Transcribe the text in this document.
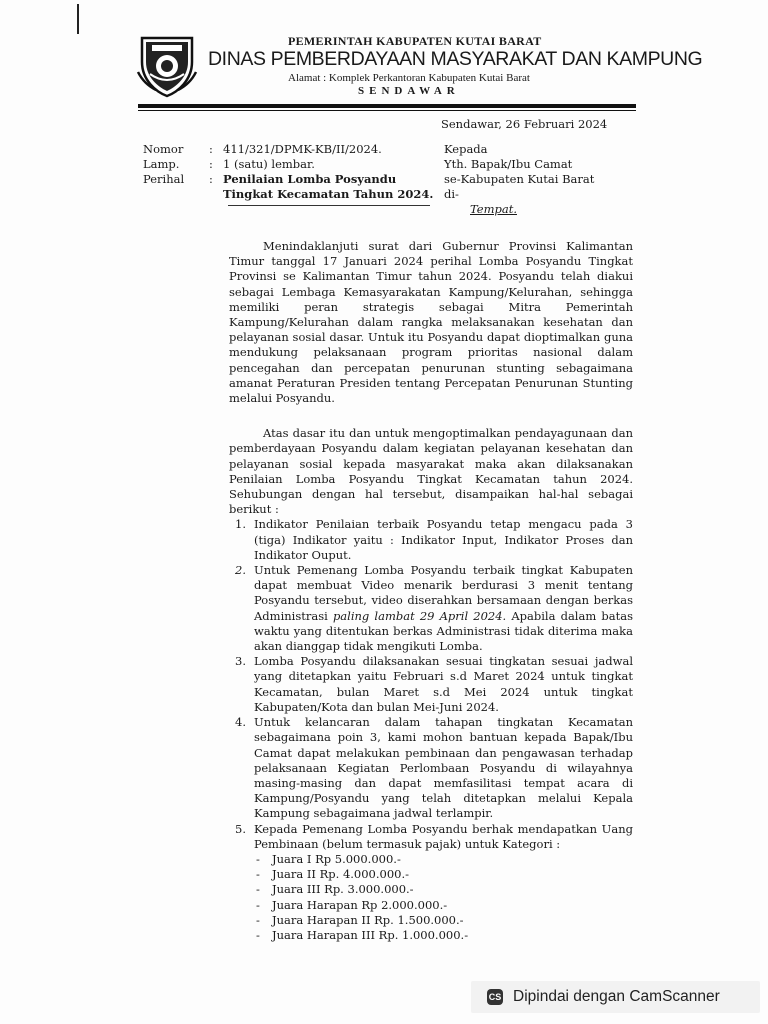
PEMERINTAH KABUPATEN KUTAI BARAT
DINAS PEMBERDAYAAN MASYARAKAT DAN KAMPUNG
Alamat : Komplek Perkantoran Kabupaten Kutai Barat
SENDAWAR
Sendawar, 26 Februari 2024
Nomor	: 411/321/DPMK-KB/II/2024.
Lamp.	: 1 (satu) lembar.
Perihal	: Penilaian Lomba Posyandu Tingkat Kecamatan Tahun 2024.
Kepada
Yth. Bapak/Ibu Camat
se-Kabupaten Kutai Barat
di-
Tempat.

Menindaklanjuti surat dari Gubernur Provinsi Kalimantan Timur tanggal 17 Januari 2024 perihal Lomba Posyandu Tingkat Provinsi se Kalimantan Timur tahun 2024. Posyandu telah diakui sebagai Lembaga Kemasyarakatan Kampung/Kelurahan, sehingga memiliki peran strategis sebagai Mitra Pemerintah Kampung/Kelurahan dalam rangka melaksanakan kesehatan dan pelayanan sosial dasar. Untuk itu Posyandu dapat dioptimalkan guna mendukung pelaksanaan program prioritas nasional dalam pencegahan dan percepatan penurunan stunting sebagaimana amanat Peraturan Presiden tentang Percepatan Penurunan Stunting melalui Posyandu.

Atas dasar itu dan untuk mengoptimalkan pendayagunaan dan pemberdayaan Posyandu dalam kegiatan pelayanan kesehatan dan pelayanan sosial kepada masyarakat maka akan dilaksanakan Penilaian Lomba Posyandu Tingkat Kecamatan tahun 2024. Sehubungan dengan hal tersebut, disampaikan hal-hal sebagai berikut :

1. Indikator Penilaian terbaik Posyandu tetap mengacu pada 3 (tiga) Indikator yaitu : Indikator Input, Indikator Proses dan Indikator Ouput.
2. Untuk Pemenang Lomba Posyandu terbaik tingkat Kabupaten dapat membuat Video menarik berdurasi 3 menit tentang Posyandu tersebut, video diserahkan bersamaan dengan berkas Administrasi paling lambat 29 April 2024. Apabila dalam batas waktu yang ditentukan berkas Administrasi tidak diterima maka akan dianggap tidak mengikuti Lomba.
3. Lomba Posyandu dilaksanakan sesuai tingkatan sesuai jadwal yang ditetapkan yaitu Februari s.d Maret 2024 untuk tingkat Kecamatan, bulan Maret s.d Mei 2024 untuk tingkat Kabupaten/Kota dan bulan Mei-Juni 2024.
4. Untuk kelancaran dalam tahapan tingkatan Kecamatan sebagaimana poin 3, kami mohon bantuan kepada Bapak/Ibu Camat dapat melakukan pembinaan dan pengawasan terhadap pelaksanaan Kegiatan Perlombaan Posyandu di wilayahnya masing-masing dan dapat memfasilitasi tempat acara di Kampung/Posyandu yang telah ditetapkan melalui Kepala Kampung sebagaimana jadwal terlampir.
5. Kepada Pemenang Lomba Posyandu berhak mendapatkan Uang Pembinaan (belum termasuk pajak) untuk Kategori :
- Juara I Rp 5.000.000.-
- Juara II Rp. 4.000.000.-
- Juara III Rp. 3.000.000.-
- Juara Harapan Rp 2.000.000.-
- Juara Harapan II Rp. 1.500.000.-
- Juara Harapan III Rp. 1.000.000.-
CS Dipindai dengan CamScanner
